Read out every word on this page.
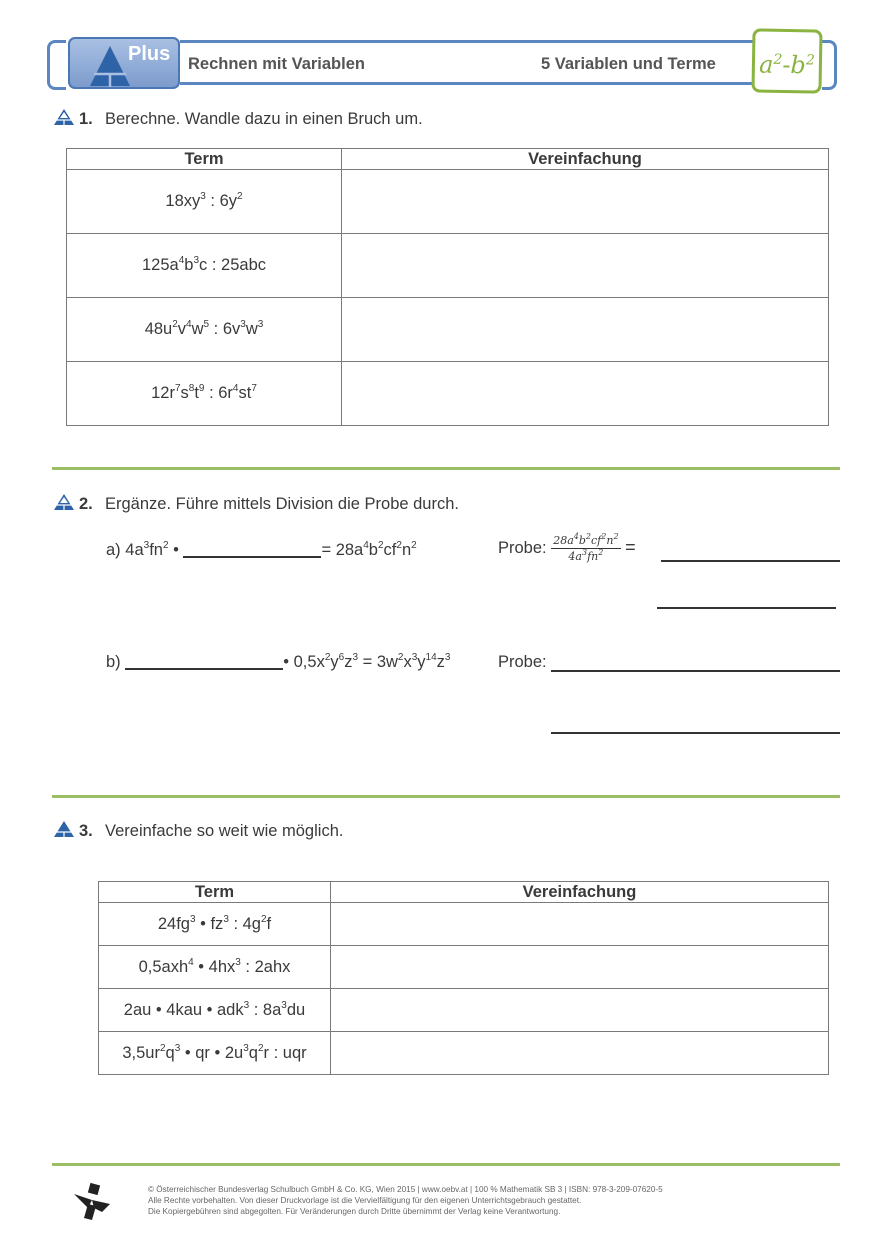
Plus Rechnen mit Variablen	5 Variablen und Terme	$a^2-b^2$
1. Berechne. Wandle dazu in einen Bruch um.
Term	Vereinfachung
$18xy^3$ : $6y^2$	
$125a^4b^3c$ : 25abc	
$48u^2v^4w^5$ : $6v^3w^3$	
$12r^7s^8t^9$ : $6r^4st^7$	
2. Ergänze. Führe mittels Division die Probe durch.
a) $4a^3fn^2$ •	= $28a^4b^2cf^2n^2$	Probe: $\frac{28a^4b^2cf^2n^2}{4a^3fn^2}$ =
b)	• $0,5x^2y^6z^3 = 3w^2x^3y^{14}z^3$	Probe:
3. Vereinfache so weit wie möglich.
Term	Vereinfachung
$24fg^3$ • $fz^3$ : $4g^2f$	
0,5axh$^4$ • $4hx^3$ : 2ahx	
2au • 4kau • adk$^3$ : $8a^3du$	
$3,5ur^2q^3$ • qr • $2u^3q^2r$ : uqr	
© Österreichischer Bundesverlag Schulbuch GmbH & Co. KG, Wien 2015 | www.oebv.at | 100 % Mathematik SB 3 | ISBN: 978-3-209-07620-5
Alle Rechte vorbehalten. Von dieser Druckvorlage ist die Vervielfältigung für den eigenen Unterrichtsgebrauch gestattet.
Die Kopiergebühren sind abgegolten. Für Veränderungen durch Dritte übernimmt der Verlag keine Verantwortung.
